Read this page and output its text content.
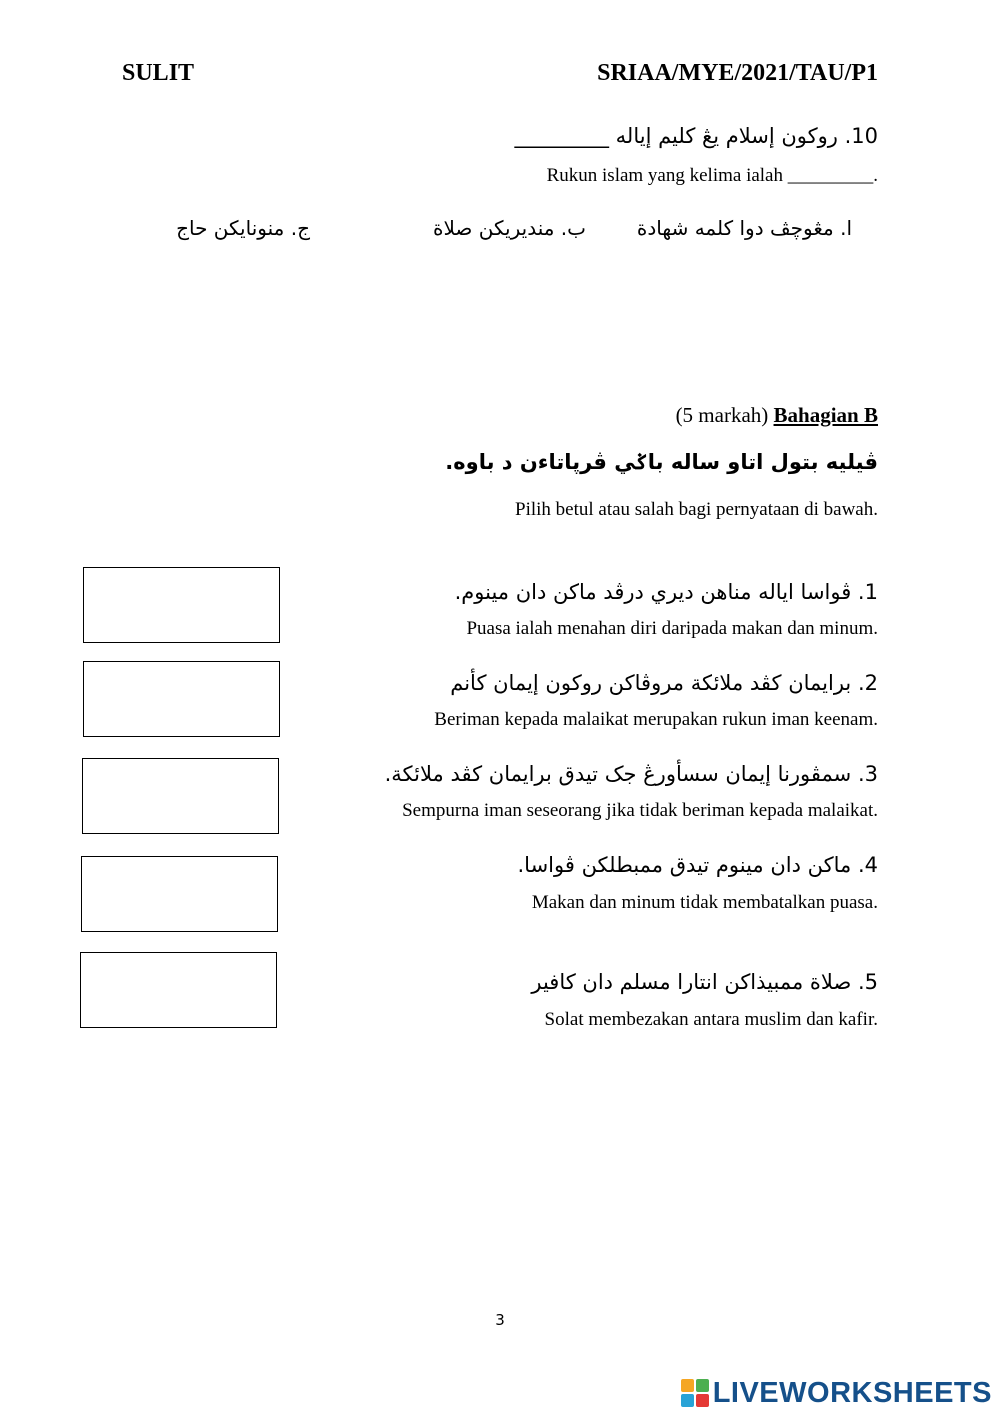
SULIT	SRIAA/MYE/2021/TAU/P1
10. روکون إسلام يڠ کليم إياله _________
Rukun islam yang kelima ialah _________.
ا. مڠوچڤ دوا کلمه شهادة
ب. منديريکن صلاة
ج. منونايکن حاج
(5 markah) Bahagian B
ڤيليه بتول اتاو ساله باݢي ڤرڽاتاءن د باوه.
Pilih betul atau salah bagi pernyataan di bawah.
1. ڤواسا اياله مناهن ديري درڤد ماکن دان مينوم.
Puasa ialah menahan diri daripada makan dan minum.
2. برايمان کڤد ملائکة مروڤاکن روکون إيمان کأنم
Beriman kepada malaikat merupakan rukun iman keenam.
3. سمڤورنا إيمان سسأورڠ جک تيدق برايمان کڤد ملائکة.
Sempurna iman seseorang jika tidak beriman kepada malaikat.
4. ماکن دان مينوم تيدق ممبطلکن ڤواسا.
Makan dan minum tidak membatalkan puasa.
5. صلاة ممبيذاکن انتارا مسلم دان کافير
Solat membezakan antara muslim dan kafir.
3
LIVEWORKSHEETS
